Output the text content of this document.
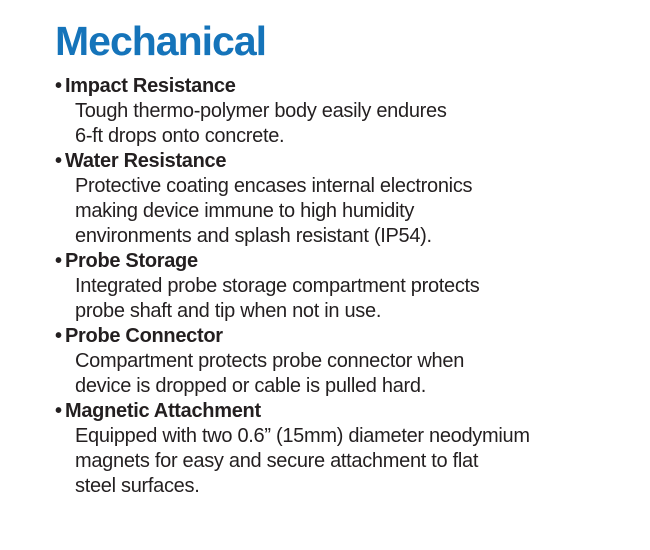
Mechanical
• Impact Resistance
Tough thermo-polymer body easily endures
6-ft drops onto concrete.
• Water Resistance
Protective coating encases internal electronics
making device immune to high humidity
environments and splash resistant (IP54).
• Probe Storage
Integrated probe storage compartment protects
probe shaft and tip when not in use.
• Probe Connector
Compartment protects probe connector when
device is dropped or cable is pulled hard.
• Magnetic Attachment
Equipped with two 0.6” (15mm) diameter neodymium
magnets for easy and secure attachment to flat
steel surfaces.
